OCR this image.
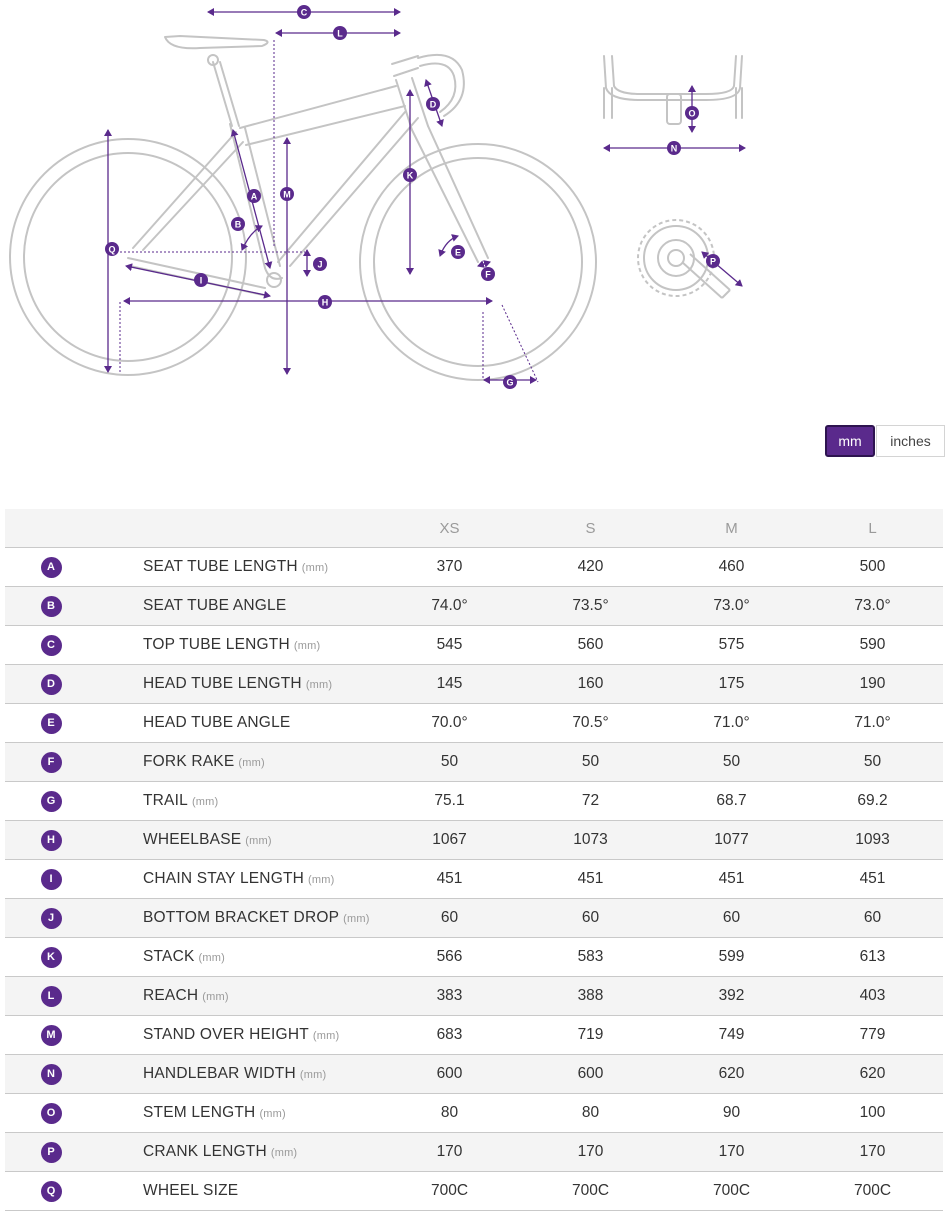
A
B
C
D
E
F
G
H
I
J
K
L
M
N
O
P
Q
mm	inches
		XS	S	M	L
A	SEAT TUBE LENGTH (mm)	370	420	460	500
B	SEAT TUBE ANGLE	74.0°	73.5°	73.0°	73.0°
C	TOP TUBE LENGTH (mm)	545	560	575	590
D	HEAD TUBE LENGTH (mm)	145	160	175	190
E	HEAD TUBE ANGLE	70.0°	70.5°	71.0°	71.0°
F	FORK RAKE (mm)	50	50	50	50
G	TRAIL (mm)	75.1	72	68.7	69.2
H	WHEELBASE (mm)	1067	1073	1077	1093
I	CHAIN STAY LENGTH (mm)	451	451	451	451
J	BOTTOM BRACKET DROP (mm)	60	60	60	60
K	STACK (mm)	566	583	599	613
L	REACH (mm)	383	388	392	403
M	STAND OVER HEIGHT (mm)	683	719	749	779
N	HANDLEBAR WIDTH (mm)	600	600	620	620
O	STEM LENGTH (mm)	80	80	90	100
P	CRANK LENGTH (mm)	170	170	170	170
Q	WHEEL SIZE	700C	700C	700C	700C
